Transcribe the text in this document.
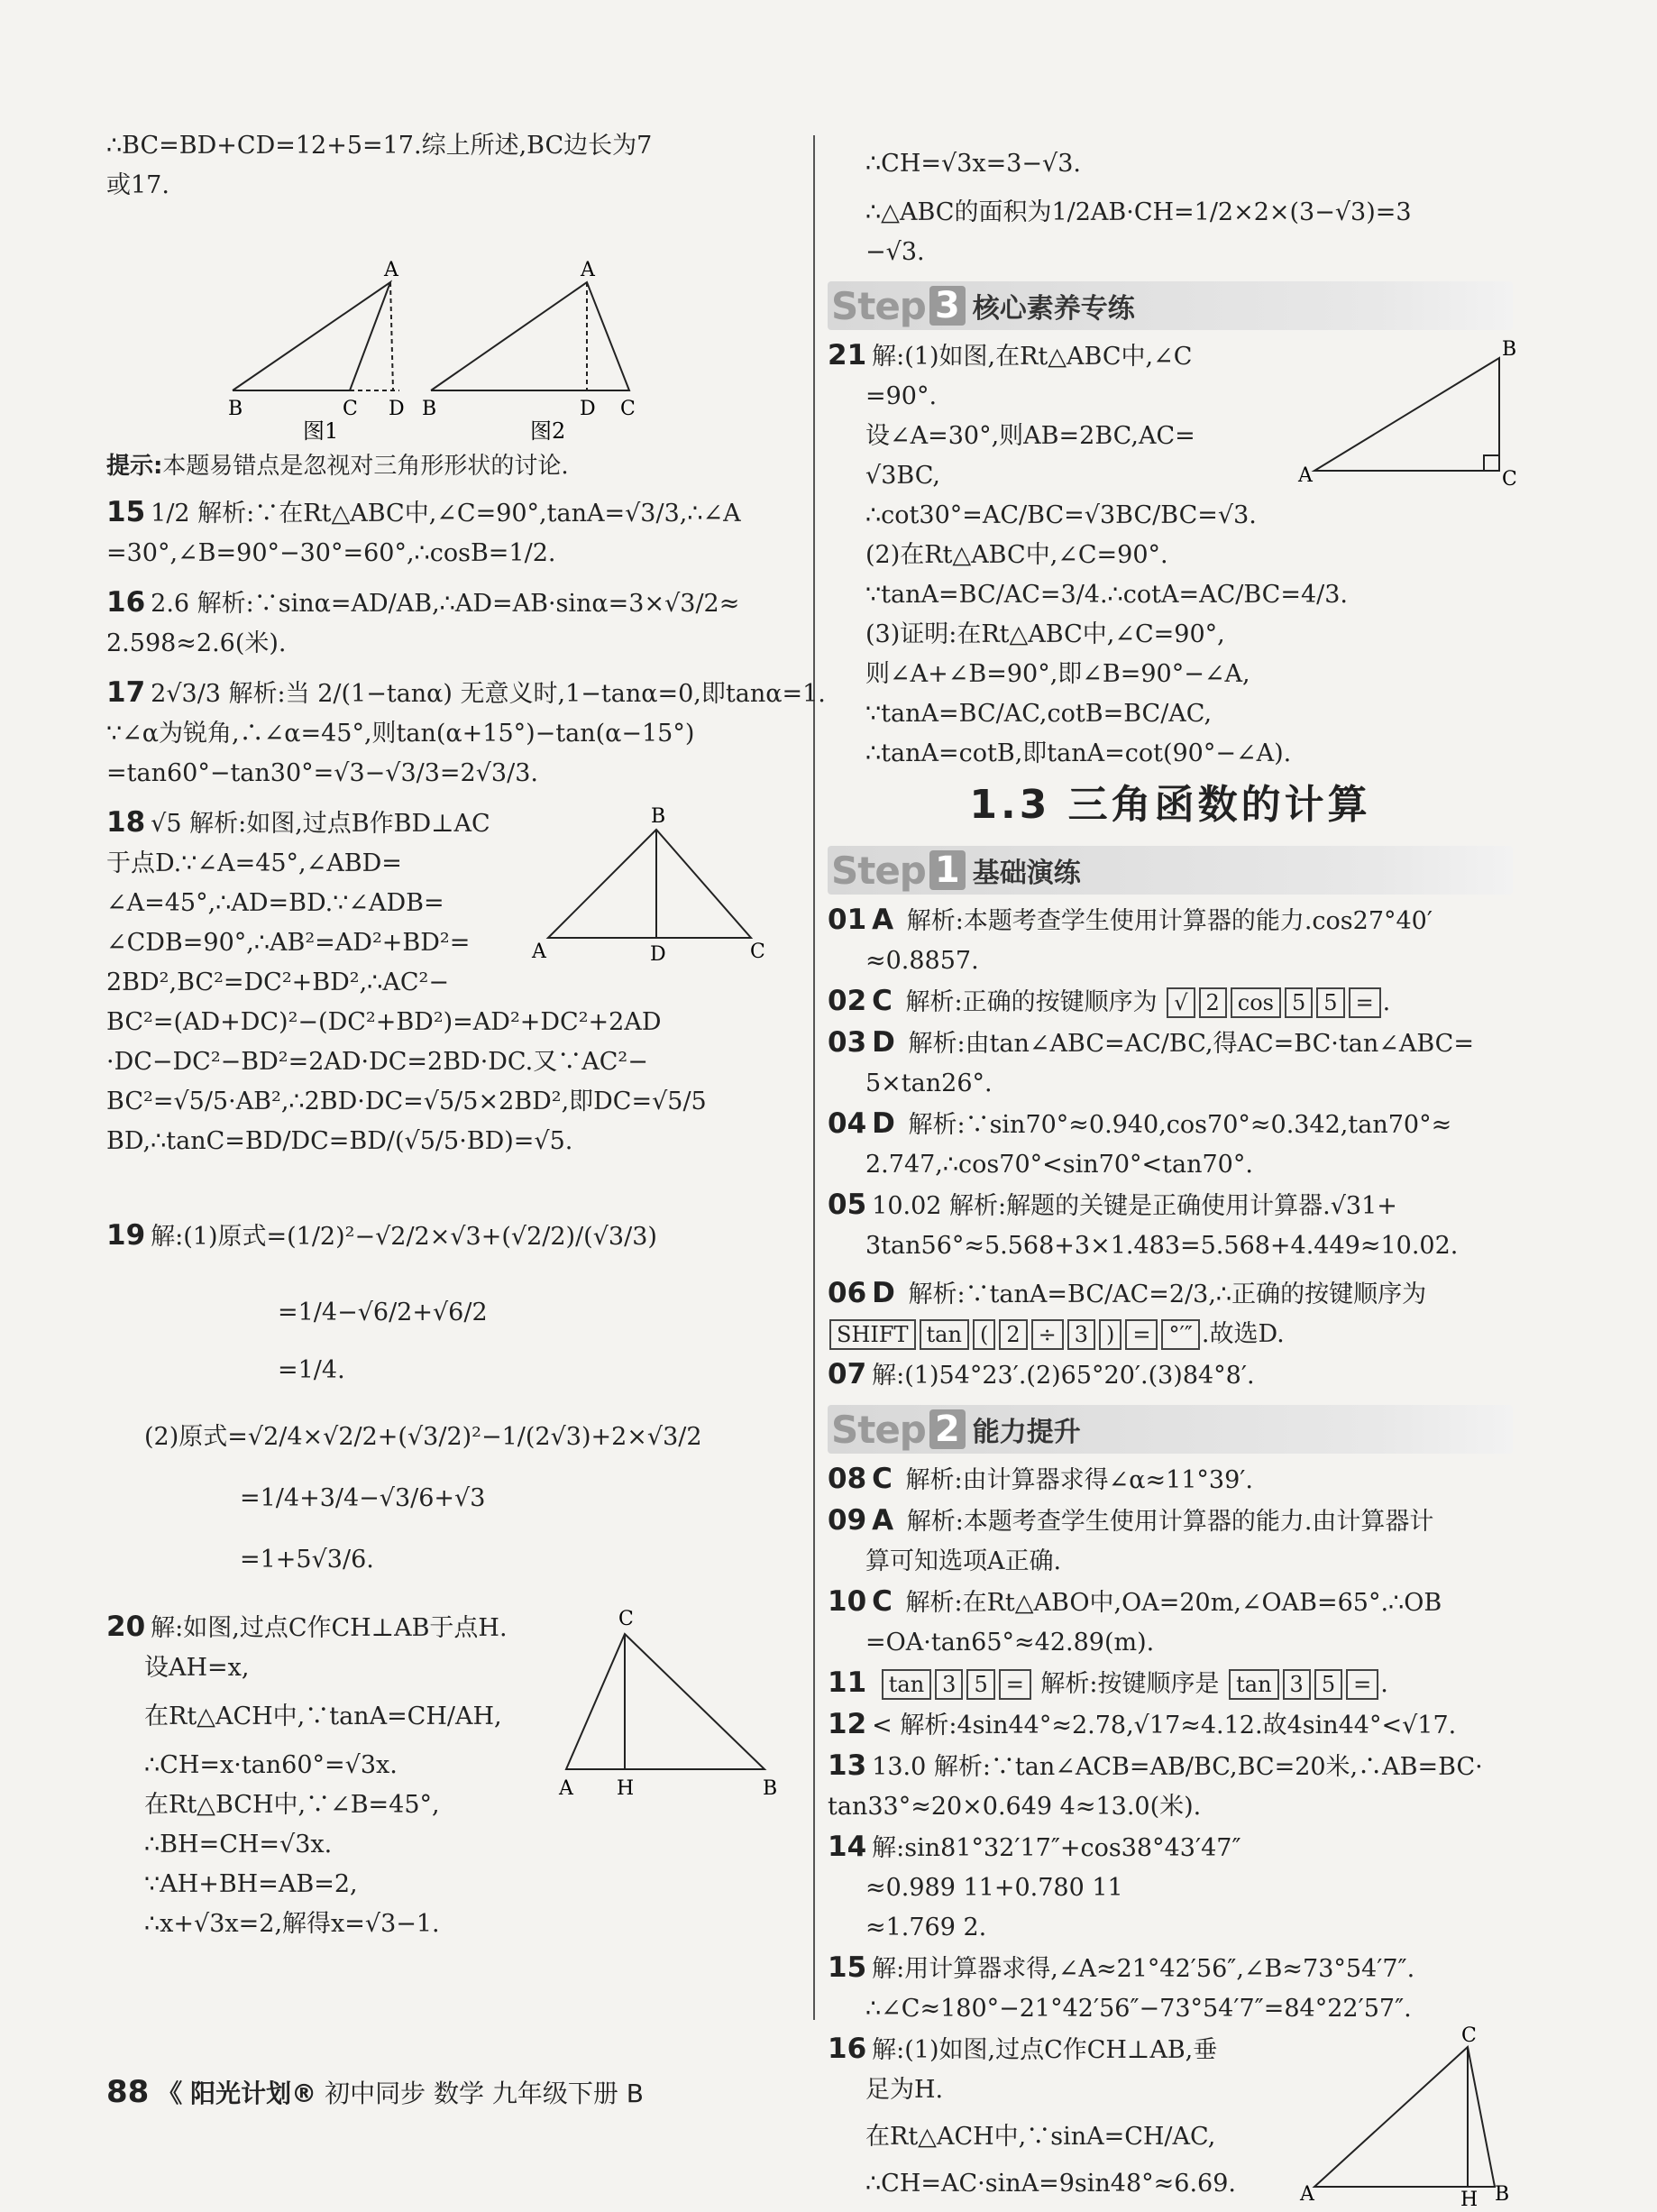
∴BC=BD+CD=12+5=17.综上所述,BC边长为7
或17.
A
B	C D
图1
A
B	D C
图2
提示:本题易错点是忽视对三角形形状的讨论.
15 1/2 解析:∵在Rt△ABC中,∠C=90°,tanA=√3/3,∴∠A
=30°,∠B=90°−30°=60°,∴cosB=1/2.
16 2.6 解析:∵sinα=AD/AB,∴AD=AB·sinα=3×√3/2≈
2.598≈2.6(米).
17 2√3/3 解析:当 2/(1−tanα) 无意义时,1−tanα=0,即tanα=1.
∵∠α为锐角,∴∠α=45°,则tan(α+15°)−tan(α−15°)
=tan60°−tan30°=√3−√3/3=2√3/3.
18 √5 解析:如图,过点B作BD⊥AC
于点D.∵∠A=45°,∠ABD=
∠A=45°,∴AD=BD.∵∠ADB=
∠CDB=90°,∴AB²=AD²+BD²=
2BD²,BC²=DC²+BD²,∴AC²−
B
A	D	C
BC²=(AD+DC)²−(DC²+BD²)=AD²+DC²+2AD
·DC−DC²−BD²=2AD·DC=2BD·DC.又∵AC²−
BC²=√5/5·AB²,∴2BD·DC=√5/5×2BD²,即DC=√5/5
BD,∴tanC=BD/DC=BD/(√5/5·BD)=√5.
19 解:(1)原式=(1/2)²−√2/2×√3+(√2/2)/(√3/3)
=1/4−√6/2+√6/2
=1/4.
(2)原式=√2/4×√2/2+(√3/2)²−1/(2√3)+2×√3/2
=1/4+3/4−√3/6+√3
=1+5√3/6.
20 解:如图,过点C作CH⊥AB于点H.
设AH=x,
在Rt△ACH中,∵tanA=CH/AH,
∴CH=x·tan60°=√3x.
在Rt△BCH中,∵∠B=45°,
∴BH=CH=√3x.
∵AH+BH=AB=2,
∴x+√3x=2,解得x=√3−1.
C
A H	B
∴CH=√3x=3−√3.
∴△ABC的面积为1/2AB·CH=1/2×2×(3−√3)=3
−√3.
Step 3 核心素养专练
21 解:(1)如图,在Rt△ABC中,∠C
=90°.
设∠A=30°,则AB=2BC,AC=
√3BC,
B
A	C
∴cot30°=AC/BC=√3BC/BC=√3.
(2)在Rt△ABC中,∠C=90°.
∵tanA=BC/AC=3/4.∴cotA=AC/BC=4/3.
(3)证明:在Rt△ABC中,∠C=90°,
则∠A+∠B=90°,即∠B=90°−∠A,
∵tanA=BC/AC,cotB=BC/AC,
∴tanA=cotB,即tanA=cot(90°−∠A).
1.3 三角函数的计算
Step 1 基础演练
01 A 解析:本题考查学生使用计算器的能力.cos27°40′
≈0.8857.
02 C 解析:正确的按键顺序为 √ 2 cos 5 5 = .
03 D 解析:由tan∠ABC=AC/BC,得AC=BC·tan∠ABC=
5×tan26°.
04 D 解析:∵sin70°≈0.940,cos70°≈0.342,tan70°≈
2.747,∴cos70°<sin70°<tan70°.
05 10.02 解析:解题的关键是正确使用计算器.√31+
3tan56°≈5.568+3×1.483=5.568+4.449≈10.02.
06 D 解析:∵tanA=BC/AC=2/3,∴正确的按键顺序为
SHIFT tan ( 2 ÷ 3 ) = °′″ .故选D.
07 解:(1)54°23′.(2)65°20′.(3)84°8′.
Step 2 能力提升
08 C 解析:由计算器求得∠α≈11°39′.
09 A 解析:本题考查学生使用计算器的能力.由计算器计
算可知选项A正确.
10 C 解析:在Rt△ABO中,OA=20m,∠OAB=65°.∴OB
=OA·tan65°≈42.89(m).
11 tan 3 5 = 解析:按键顺序是 tan 3 5 = .
12 < 解析:4sin44°≈2.78,√17≈4.12.故4sin44°<√17.
13 13.0 解析:∵tan∠ACB=AB/BC,BC=20米,∴AB=BC·
tan33°≈20×0.649 4≈13.0(米).
14 解:sin81°32′17″+cos38°43′47″
≈0.989 11+0.780 11
≈1.769 2.
15 解:用计算器求得,∠A≈21°42′56″,∠B≈73°54′7″.
∴∠C≈180°−21°42′56″−73°54′7″=84°22′57″.
16 解:(1)如图,过点C作CH⊥AB,垂
足为H.
在Rt△ACH中,∵sinA=CH/AC,
∴CH=AC·sinA=9sin48°≈6.69.
C
A	H B
88 《 阳光计划® 初中同步 数学 九年级下册 B
